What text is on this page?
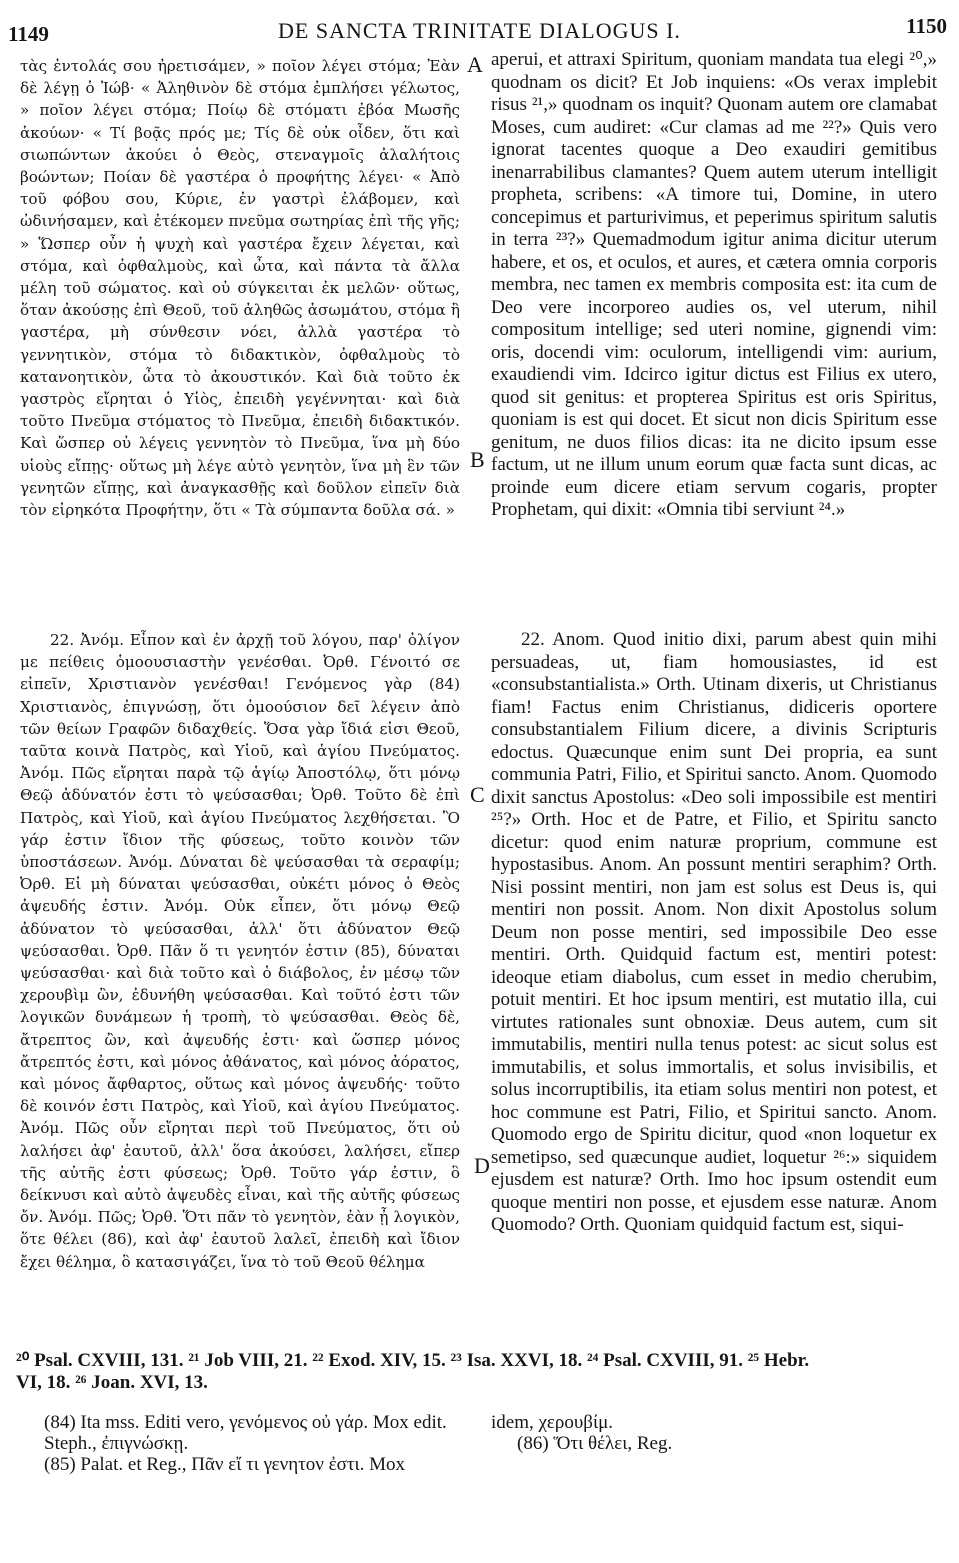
1149	DE SANCTA TRINITATE DIALOGUS I.	1150

τὰς ἐντολάς σου ἠρετισάμεν, » ποῖον λέγει στόμα; Ἐὰν δὲ λέγῃ ὁ Ἰώβ· « Ἀληθινὸν δὲ στόμα ἐμπλήσει γέλωτος, » ποῖον λέγει στόμα; Ποίῳ δὲ στόματι ἐβόα Μωσῆς ἀκούων· « Τί βοᾷς πρός με; Τίς δὲ οὐκ οἶδεν, ὅτι καὶ σιωπώντων ἀκούει ὁ Θεὸς, στεναγμοῖς ἀλαλήτοις βοώντων; Ποίαν δὲ γαστέρα ὁ προφήτης λέγει· « Ἀπὸ τοῦ φόβου σου, Κύριε, ἐν γαστρὶ ἐλάβομεν, καὶ ὠδινήσαμεν, καὶ ἐτέκομεν πνεῦμα σωτηρίας ἐπὶ τῆς γῆς; » Ὥσπερ οὖν ἡ ψυχὴ καὶ γαστέρα ἔχειν λέγεται, καὶ στόμα, καὶ ὀφθαλμοὺς, καὶ ὦτα, καὶ πάντα τὰ ἄλλα μέλη τοῦ σώματος. καὶ οὐ σύγκειται ἐκ μελῶν· οὕτως, ὅταν ἀκούσῃς ἐπὶ Θεοῦ, τοῦ ἀληθῶς ἀσωμάτου, στόμα ἢ γαστέρα, μὴ σύνθεσιν νόει, ἀλλὰ γαστέρα τὸ γεννητικὸν, στόμα τὸ διδακτικὸν, ὀφθαλμοὺς τὸ κατανοητικὸν, ὦτα τὸ ἀκουστικόν. Καὶ διὰ τοῦτο ἐκ γαστρὸς εἴρηται ὁ Υἱὸς, ἐπειδὴ γεγέννηται· καὶ διὰ τοῦτο Πνεῦμα στόματος τὸ Πνεῦμα, ἐπειδὴ διδακτικόν. Καὶ ὥσπερ οὐ λέγεις γεννητὸν τὸ Πνεῦμα, ἵνα μὴ δύο υἱοὺς εἴπῃς· οὕτως μὴ λέγε αὐτὸ γενητὸν, ἵνα μὴ ἓν τῶν γενητῶν εἴπῃς, καὶ ἀναγκασθῇς καὶ δοῦλον εἰπεῖν διὰ τὸν εἰρηκότα Προφήτην, ὅτι « Τὰ σύμπαντα δοῦλα σά. »

22. Ἀνόμ. Εἶπον καὶ ἐν ἀρχῇ τοῦ λόγου, παρ' ὀλίγον με πείθεις ὁμοουσιαστὴν γενέσθαι. Ὀρθ. Γένοιτό σε εἰπεῖν, Χριστιανὸν γενέσθαι! Γενόμενος γὰρ (84) Χριστιανὸς, ἐπιγνώσῃ, ὅτι ὁμοούσιον δεῖ λέγειν ἀπὸ τῶν θείων Γραφῶν διδαχθείς. Ὅσα γὰρ ἴδιά εἰσι Θεοῦ, ταῦτα κοινὰ Πατρὸς, καὶ Υἱοῦ, καὶ ἁγίου Πνεύματος. Ἀνόμ. Πῶς εἴρηται παρὰ τῷ ἁγίῳ Ἀποστόλῳ, ὅτι μόνῳ Θεῷ ἀδύνατόν ἐστι τὸ ψεύσασθαι; Ὀρθ. Τοῦτο δὲ ἐπὶ Πατρὸς, καὶ Υἱοῦ, καὶ ἁγίου Πνεύματος λεχθήσεται. Ὃ γάρ ἐστιν ἴδιον τῆς φύσεως, τοῦτο κοινὸν τῶν ὑποστάσεων. Ἀνόμ. Δύναται δὲ ψεύσασθαι τὰ σεραφίμ; Ὀρθ. Εἰ μὴ δύναται ψεύσασθαι, οὐκέτι μόνος ὁ Θεὸς ἀψευδής ἐστιν. Ἀνόμ. Οὐκ εἶπεν, ὅτι μόνῳ Θεῷ ἀδύνατον τὸ ψεύσασθαι, ἀλλ' ὅτι ἀδύνατον Θεῷ ψεύσασθαι. Ὀρθ. Πᾶν ὅ τι γενητόν ἐστιν (85), δύναται ψεύσασθαι· καὶ διὰ τοῦτο καὶ ὁ διάβολος, ἐν μέσῳ τῶν χερουβὶμ ὢν, ἐδυνήθη ψεύσασθαι. Καὶ τοῦτό ἐστι τῶν λογικῶν δυνάμεων ἡ τροπὴ, τὸ ψεύσασθαι. Θεὸς δὲ, ἄτρεπτος ὢν, καὶ ἀψευδής ἐστι· καὶ ὥσπερ μόνος ἄτρεπτός ἐστι, καὶ μόνος ἀθάνατος, καὶ μόνος ἀόρατος, καὶ μόνος ἄφθαρτος, οὕτως καὶ μόνος ἀψευδής· τοῦτο δὲ κοινόν ἐστι Πατρὸς, καὶ Υἱοῦ, καὶ ἁγίου Πνεύματος. Ἀνόμ. Πῶς οὖν εἴρηται περὶ τοῦ Πνεύματος, ὅτι οὐ λαλήσει ἀφ' ἑαυτοῦ, ἀλλ' ὅσα ἀκούσει, λαλήσει, εἴπερ τῆς αὐτῆς ἐστι φύσεως; Ὀρθ. Τοῦτο γάρ ἐστιν, ὃ δείκνυσι καὶ αὐτὸ ἀψευδὲς εἶναι, καὶ τῆς αὐτῆς φύσεως ὄν. Ἀνόμ. Πῶς; Ὀρθ. Ὅτι πᾶν τὸ γενητὸν, ἐὰν ᾖ λογικὸν, ὅτε θέλει (86), καὶ ἀφ' ἑαυτοῦ λαλεῖ, ἐπειδὴ καὶ ἴδιον ἔχει θέλημα, ὃ κατασιγάζει, ἵνα τὸ τοῦ Θεοῦ θέλημα

A
B
C
D

aperui, et attraxi Spiritum, quoniam mandata tua elegi ²⁰,» quodnam os dicit? Et Job inquiens: «Os verax implebit risus ²¹,» quodnam os inquit? Quonam autem ore clamabat Moses, cum audiret: «Cur clamas ad me ²²?» Quis vero ignorat tacentes quoque a Deo exaudiri gemitibus inenarrabilibus clamantes? Quem autem uterum intelligit propheta, scribens: «A timore tui, Domine, in utero concepimus et parturivimus, et peperimus spiritum salutis in terra ²³?» Quemadmodum igitur anima dicitur uterum habere, et os, et oculos, et aures, et cætera omnia corporis membra, nec tamen ex membris composita est: ita cum de Deo vere incorporeo audies os, vel uterum, nihil compositum intellige; sed uteri nomine, gignendi vim: oris, docendi vim: oculorum, intelligendi vim: aurium, exaudiendi vim. Idcirco igitur dictus est Filius ex utero, quod sit genitus: et propterea Spiritus est oris Spiritus, quoniam is est qui docet. Et sicut non dicis Spiritum esse genitum, ne duos filios dicas: ita ne dicito ipsum esse factum, ut ne illum unum eorum quæ facta sunt dicas, ac proinde eum dicere etiam servum cogaris, propter Prophetam, qui dixit: «Omnia tibi serviunt ²⁴.»

22. Anom. Quod initio dixi, parum abest quin mihi persuadeas, ut, fiam homousiastes, id est «consubstantialista.» Orth. Utinam dixeris, ut Christianus fiam! Factus enim Christianus, didiceris oportere consubstantialem Filium dicere, a divinis Scripturis edoctus. Quæcunque enim sunt Dei propria, ea sunt communia Patri, Filio, et Spiritui sancto. Anom. Quomodo dixit sanctus Apostolus: «Deo soli impossibile est mentiri ²⁵?» Orth. Hoc et de Patre, et Filio, et Spiritu sancto dicetur: quod enim naturæ proprium, commune est hypostasibus. Anom. An possunt mentiri seraphim? Orth. Nisi possint mentiri, non jam est solus est Deus is, qui mentiri non possit. Anom. Non dixit Apostolus solum Deum non posse mentiri, sed impossibile Deo esse mentiri. Orth. Quidquid factum est, mentiri potest: ideoque etiam diabolus, cum esset in medio cherubim, potuit mentiri. Et hoc ipsum mentiri, est mutatio illa, cui virtutes rationales sunt obnoxiæ. Deus autem, cum sit immutabilis, mentiri nulla tenus potest: ac sicut solus est immutabilis, et solus immortalis, et solus invisibilis, et solus incorruptibilis, ita etiam solus mentiri non potest, et hoc commune est Patri, Filio, et Spiritui sancto. Anom. Quomodo ergo de Spiritu dicitur, quod «non loquetur ex semetipso, sed quæcunque audiet, loquetur ²⁶:» siquidem ejusdem est naturæ? Orth. Imo hoc ipsum ostendit eum quoque mentiri non posse, et ejusdem esse naturæ. Anom Quomodo? Orth. Quoniam quidquid factum est, siqui-

²⁰ Psal. CXVIII, 131. ²¹ Job VIII, 21. ²² Exod. XIV, 15. ²³ Isa. XXVI, 18. ²⁴ Psal. CXVIII, 91. ²⁵ Hebr.

VI, 18. ²⁶ Joan. XVI, 13.

(84) Ita mss. Editi vero, γενόμενος οὐ γάρ. Mox edit. Steph., ἐπιγνώσκῃ.

(85) Palat. et Reg., Πᾶν εἴ τι γενητον ἐστι. Mox

idem, χερουβίμ.

(86) Ὅτι θέλει, Reg.
